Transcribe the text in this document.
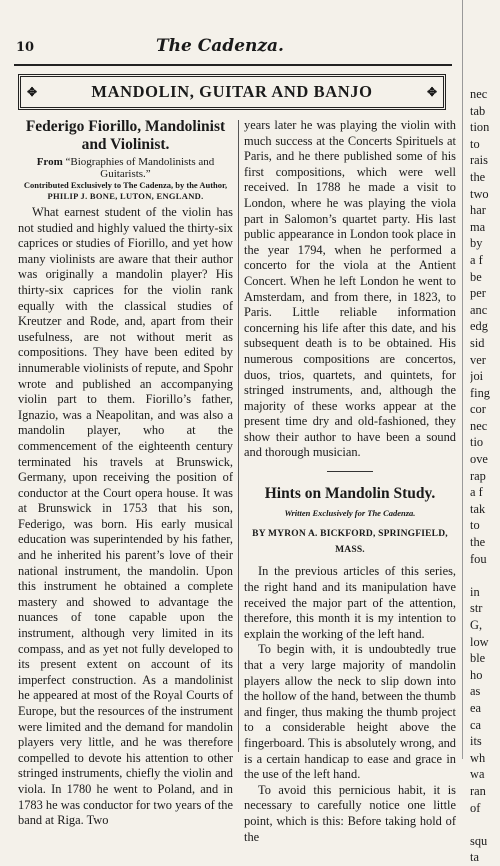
10	The Cadenza.
✥	MANDOLIN, GUITAR AND BANJO	✥
Federigo Fiorillo, Mandolinist and Violinist.
From “Biographies of Mandolinists and Guitarists.”
Contributed Exclusively to The Cadenza, by the Author,
PHILIP J. BONE, LUTON, ENGLAND.

What earnest student of the violin has not studied and highly valued the thirty-six caprices or studies of Fiorillo, and yet how many violinists are aware that their author was originally a mandolin player? His thirty-six caprices for the violin rank equally with the classical studies of Kreutzer and Rode, and, apart from their usefulness, are not without merit as compositions. They have been edited by innumerable violinists of repute, and Spohr wrote and published an accompanying violin part to them. Fiorillo’s father, Ignazio, was a Neapolitan, and was also a mandolin player, who at the commencement of the eighteenth century terminated his travels at Brunswick, Germany, upon receiving the position of conductor at the Court opera house. It was at Brunswick in 1753 that his son, Federigo, was born. His early musical education was superintended by his father, and he inherited his parent’s love of their national instrument, the mandolin. Upon this instrument he obtained a complete mastery and showed to advantage the nuances of tone capable upon the instrument, although very limited in its compass, and as yet not fully developed to its present extent on account of its imperfect construction. As a mandolinist he appeared at most of the Royal Courts of Europe, but the resources of the instrument were limited and the demand for mandolin players very little, and he was therefore compelled to devote his attention to other stringed instruments, chiefly the violin and viola. In 1780 he went to Poland, and in 1783 he was conductor for two years of the band at Riga. Two

years later he was playing the violin with much success at the Concerts Spirituels at Paris, and he there published some of his first compositions, which were well received. In 1788 he made a visit to London, where he was playing the viola part in Salomon’s quartet party. His last public appearance in London took place in the year 1794, when he performed a concerto for the viola at the Antient Concert. When he left London he went to Amsterdam, and from there, in 1823, to Paris. Little reliable information concerning his life after this date, and his subsequent death is to be obtained. His numerous compositions are concertos, duos, trios, quartets, and quintets, for stringed instruments, and, although the majority of these works appear at the present time dry and old-fashioned, they show their author to have been a sound and thorough musician.

Hints on Mandolin Study.
Written Exclusively for The Cadenza.
BY MYRON A. BICKFORD, SPRINGFIELD, MASS.

In the previous articles of this series, the right hand and its manipulation have received the major part of the attention, therefore, this month it is my intention to explain the working of the left hand.

To begin with, it is undoubtedly true that a very large majority of mandolin players allow the neck to slip down into the hollow of the hand, between the thumb and finger, thus making the thumb project to a considerable height above the fingerboard. This is absolutely wrong, and is a certain handicap to ease and grace in the use of the left hand.

To avoid this pernicious habit, it is necessary to carefully notice one little point, which is this: Before taking hold of the

nec
tab
tion
to
rais
the
two
har
ma
by
a f
be
per
anc
edg
sid
ver
joi
fing
cor
nec
tio
ove
rap
a f
tak
to
the
fou
in
str
G,
low
ble
ho
as
ea
ca
its
wh
wa
ran
of
squ
ta
